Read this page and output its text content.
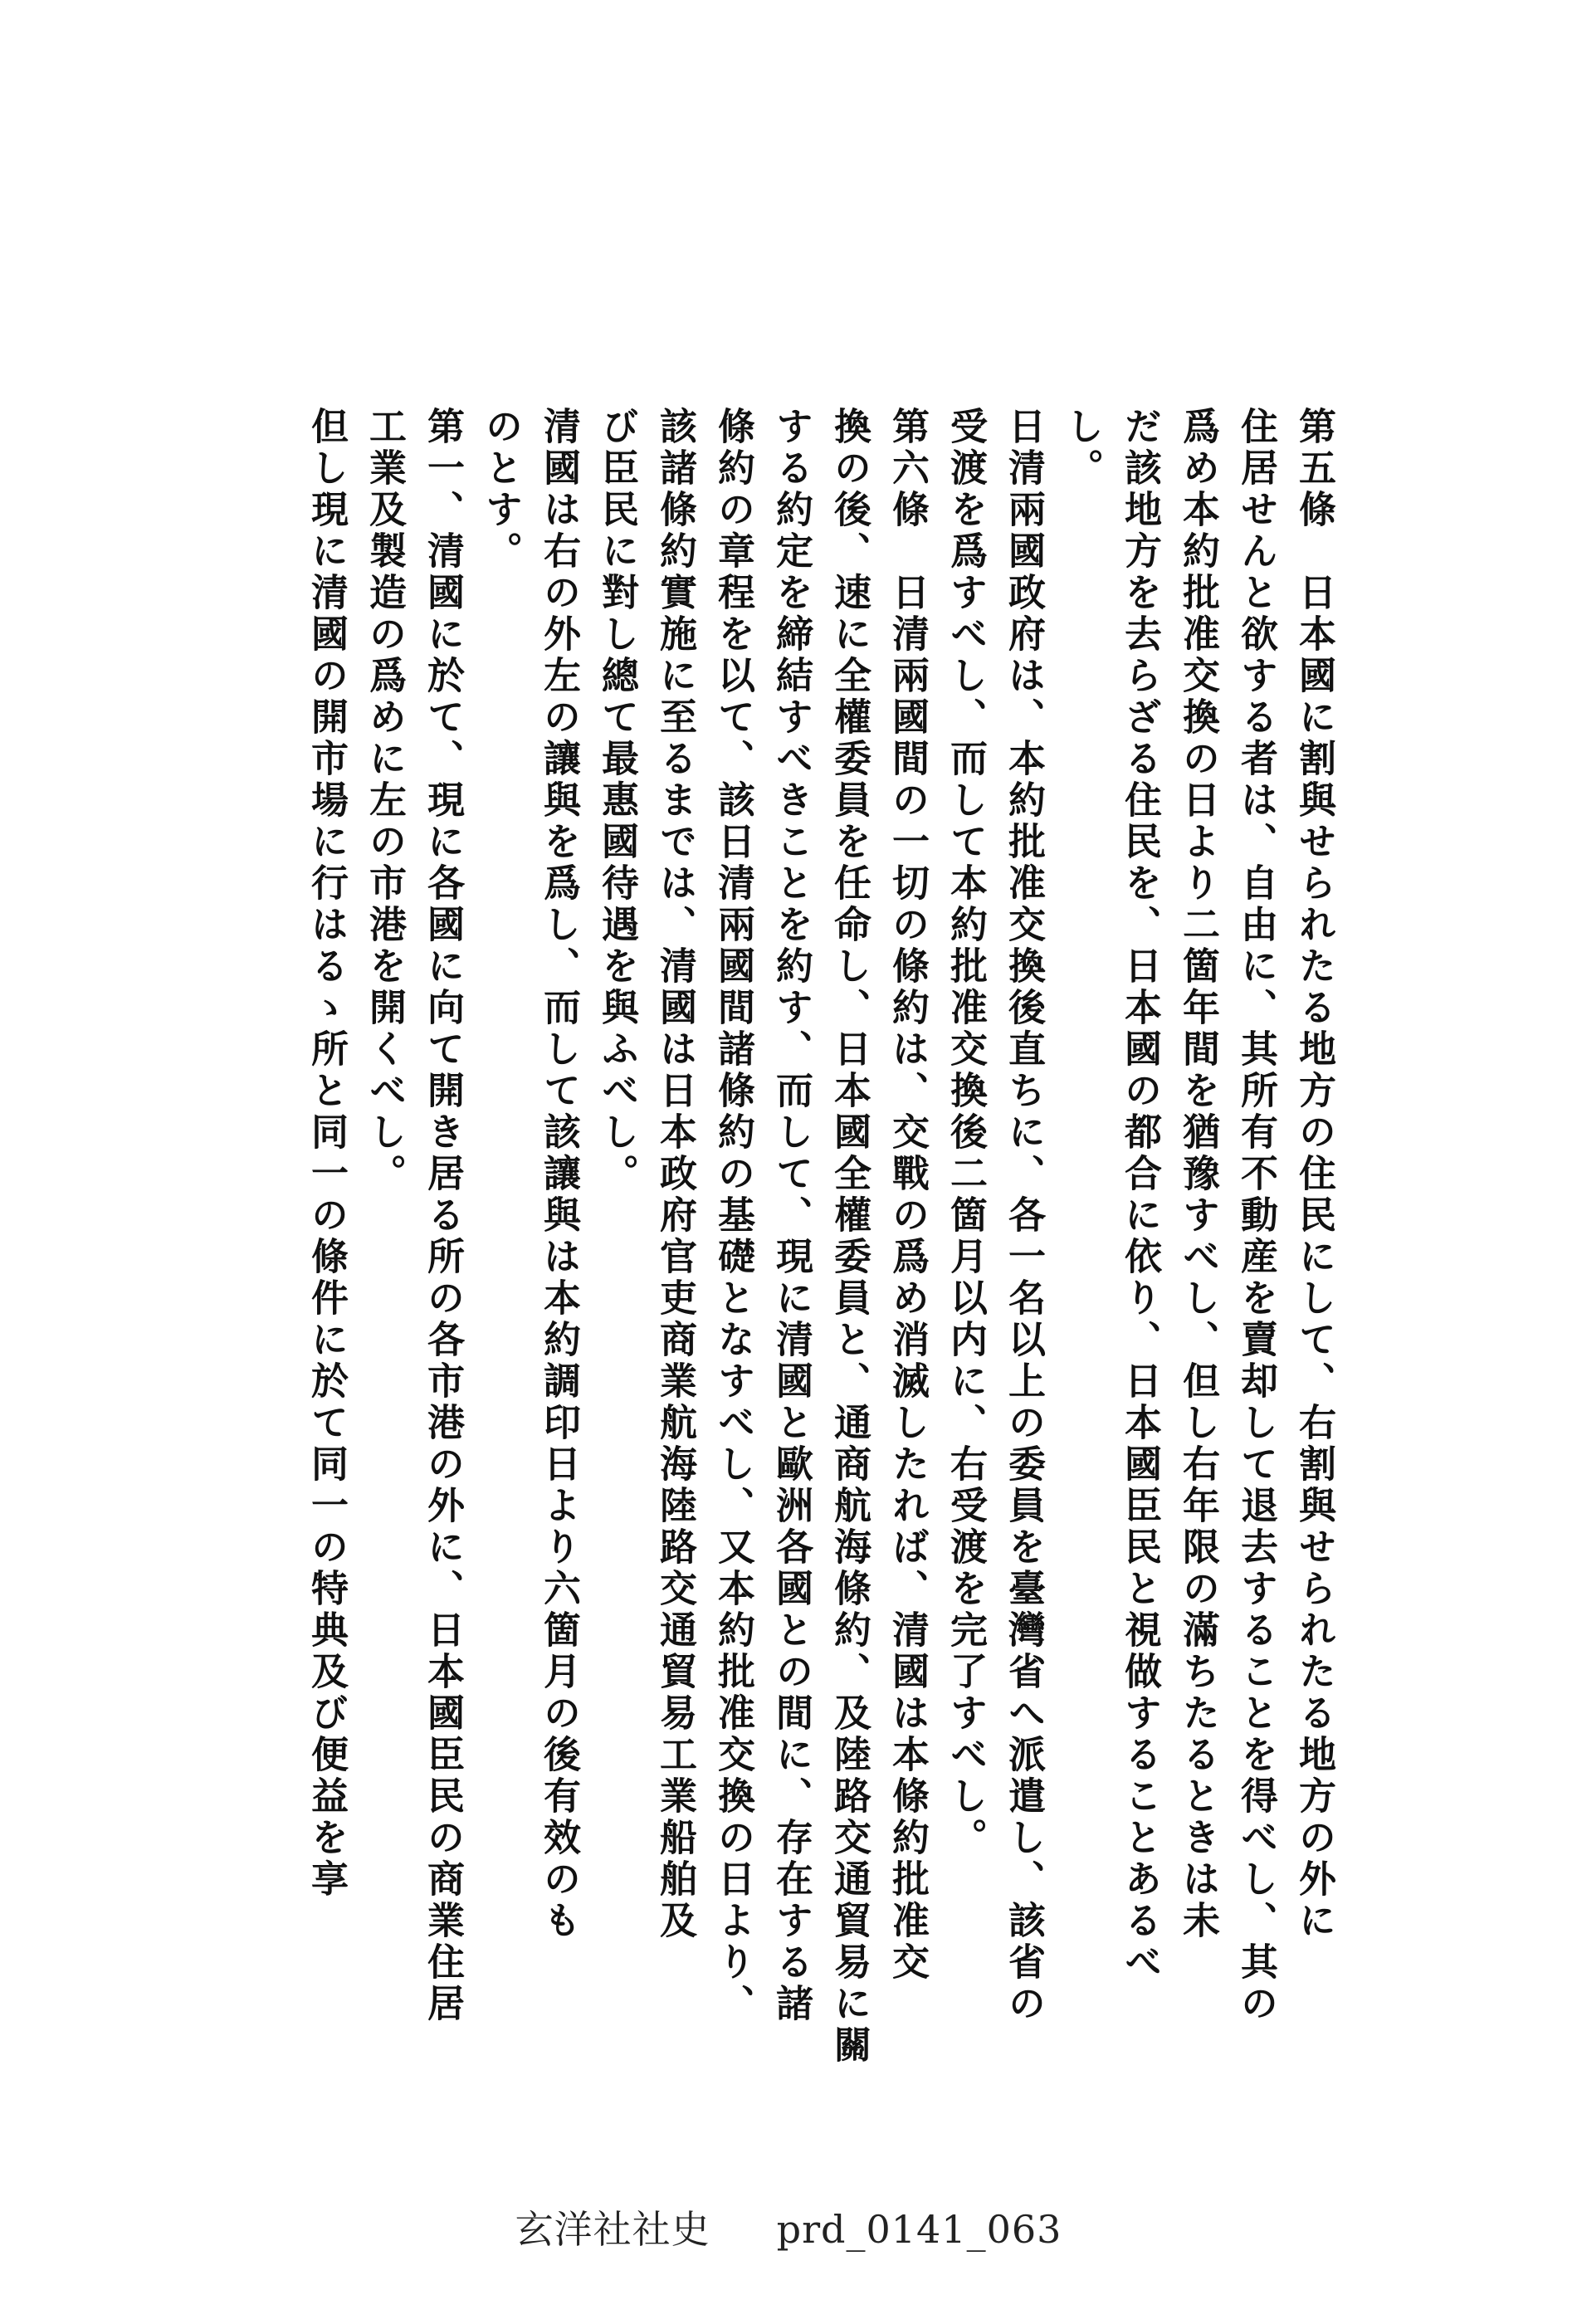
第五條　日本國に割與せられたる地方の住民にして、右割與せられたる地方の外に
住居せんと欲する者は、自由に、其所有不動産を賣却して退去することを得べし、其の
爲め本約批准交換の日より二箇年間を猶豫すべし、但し右年限の滿ちたるときは未
だ該地方を去らざる住民を、日本國の都合に依り、日本國臣民と視做することあるべ
し。
日清兩國政府は、本約批准交換後直ちに、各一名以上の委員を臺灣省へ派遣し、該省の
受渡を爲すべし、而して本約批准交換後二箇月以内に、右受渡を完了すべし。
第六條　日清兩國間の一切の條約は、交戰の爲め消滅したれば、清國は本條約批准交
換の後、速に全權委員を任命し、日本國全權委員と、通商航海條約、及陸路交通貿易に關
する約定を締結すべきことを約す、而して、現に清國と歐洲各國との間に、存在する諸
條約の章程を以て、該日清兩國間諸條約の基礎となすべし、又本約批准交換の日より、
該諸條約實施に至るまでは、清國は日本政府官吏商業航海陸路交通貿易工業船舶及
び臣民に對し總て最惠國待遇を與ふべし。
清國は右の外左の讓與を爲し、而して該讓與は本約調印日より六箇月の後有效のも
のとす。
第一、清國に於て、現に各國に向て開き居る所の各市港の外に、日本國臣民の商業住居
工業及製造の爲めに左の市港を開くべし。
但し現に清國の開市場に行はるゝ所と同一の條件に於て同一の特典及び便益を享
玄洋社社史 prd_0141_063
